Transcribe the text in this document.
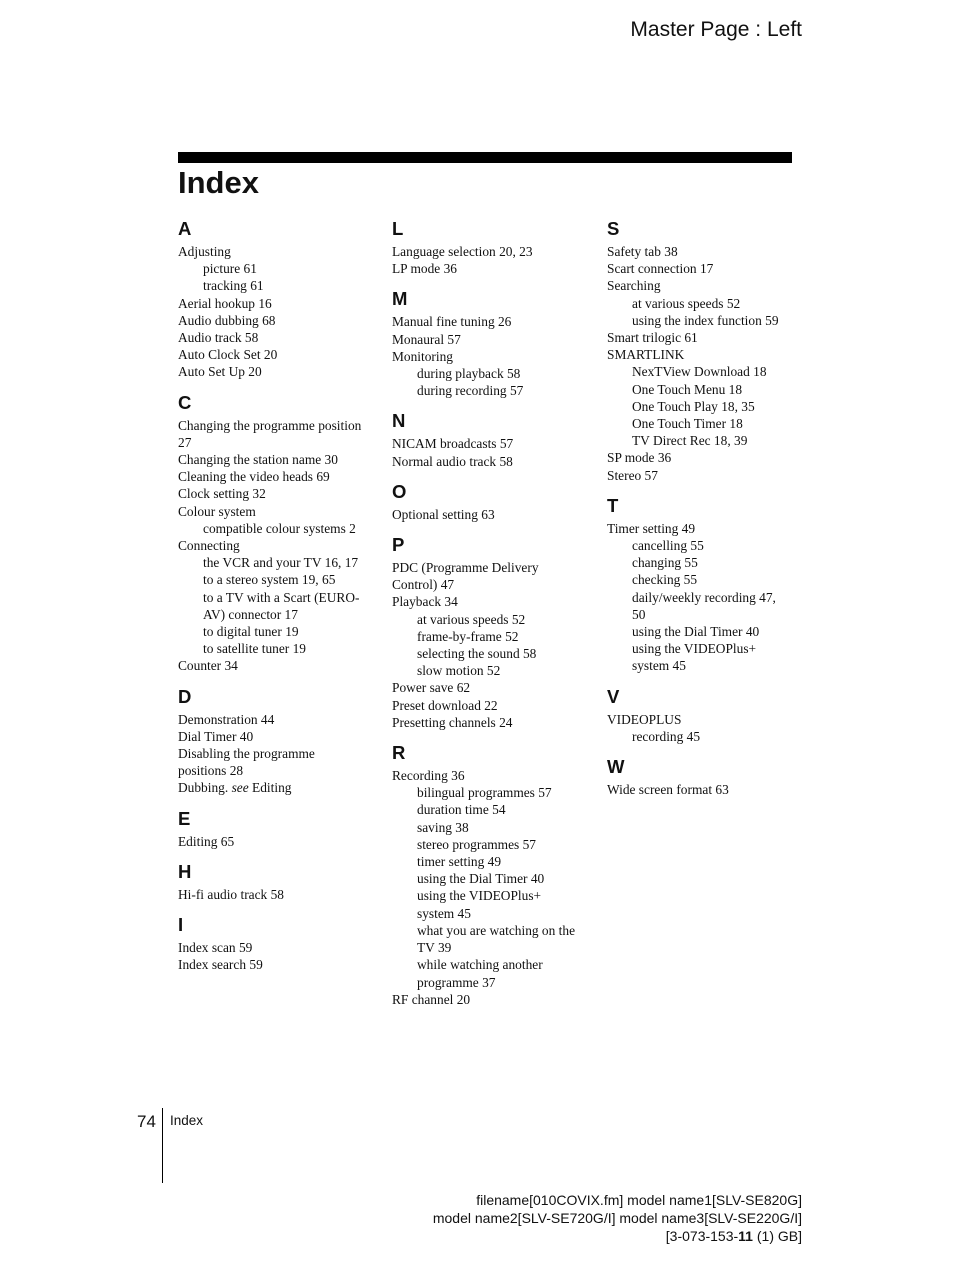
Master Page : Left
Index
A
Adjusting
picture 61
tracking 61
Aerial hookup 16
Audio dubbing 68
Audio track 58
Auto Clock Set 20
Auto Set Up 20
C
Changing the programme position 27
Changing the station name 30
Cleaning the video heads 69
Clock setting 32
Colour system
compatible colour systems 2
Connecting
the VCR and your TV 16, 17
to a stereo system 19, 65
to a TV with a Scart (EURO-AV) connector 17
to digital tuner 19
to satellite tuner 19
Counter 34
D
Demonstration 44
Dial Timer 40
Disabling the programme positions 28
Dubbing. see Editing
E
Editing 65
H
Hi-fi audio track 58
I
Index scan 59
Index search 59
L
Language selection 20, 23
LP mode 36
M
Manual fine tuning 26
Monaural 57
Monitoring
during playback 58
during recording 57
N
NICAM broadcasts 57
Normal audio track 58
O
Optional setting 63
P
PDC (Programme Delivery Control) 47
Playback 34
at various speeds 52
frame-by-frame 52
selecting the sound 58
slow motion 52
Power save 62
Preset download 22
Presetting channels 24
R
Recording 36
bilingual programmes 57
duration time 54
saving 38
stereo programmes 57
timer setting 49
using the Dial Timer 40
using the VIDEOPlus+ system 45
what you are watching on the TV 39
while watching another programme 37
RF channel 20
S
Safety tab 38
Scart connection 17
Searching
at various speeds 52
using the index function 59
Smart trilogic 61
SMARTLINK
NexTView Download 18
One Touch Menu 18
One Touch Play 18, 35
One Touch Timer 18
TV Direct Rec 18, 39
SP mode 36
Stereo 57
T
Timer setting 49
cancelling 55
changing 55
checking 55
daily/weekly recording 47, 50
using the Dial Timer 40
using the VIDEOPlus+ system 45
V
VIDEOPLUS
recording 45
W
Wide screen format 63
74 Index
filename[010COVIX.fm] model name1[SLV-SE820G]
model name2[SLV-SE720G/I] model name3[SLV-SE220G/I]
[3-073-153-11 (1) GB]
